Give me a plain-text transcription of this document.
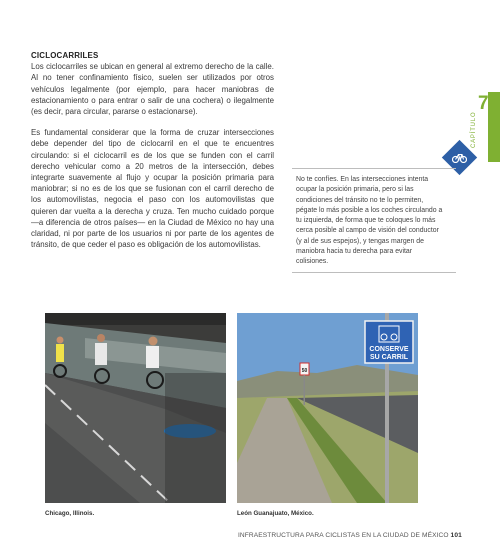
CICLOCARRILES

Los ciclocarriles se ubican en general al extremo derecho de la calle. Al no tener confinamiento físico, suelen ser utilizados por otros vehículos legalmente (por ejemplo, para hacer maniobras de estacionamiento o para entrar o salir de una cochera) o ilegalmente (es decir, para circular, pararse o estacionarse).

Es fundamental considerar que la forma de cruzar intersecciones debe depender del tipo de ciclocarril en el que te encuentres circulando: si el ciclocarril es de los que se funden con el carril derecho vehicular como a 20 metros de la intersección, debes integrarte suavemente al flujo y ocupar la posición primaria para maniobrar; si no es de los que se fusionan con el carril derecho de los automovilistas, negocia el paso con los automovilistas que quieren dar vuelta a la derecha y cruza. Ten mucho cuidado porque —a diferencia de otros países— en la Ciudad de México no hay una claridad, ni por parte de los usuarios ni por parte de los agentes de tránsito, de que ceder el paso es obligación de los automovilistas.

7
CAPÍTULO

No te confíes. En las intersecciones intenta ocupar la posición primaria, pero si las condiciones del tránsito no te lo permiten, pégate lo más posible a los coches circulando a tu izquierda, de forma que te coloques lo más cerca posible al campo de visión del conductor (y al de sus espejos), y tengas margen de maniobra hacia tu derecha para evitar colisiones.

CONSERVE
SU CARRIL
50
Chicago, Illinois.	León Guanajuato, México.
INFRAESTRUCTURA PARA CICLISTAS EN LA CIUDAD DE MÉXICO 101
